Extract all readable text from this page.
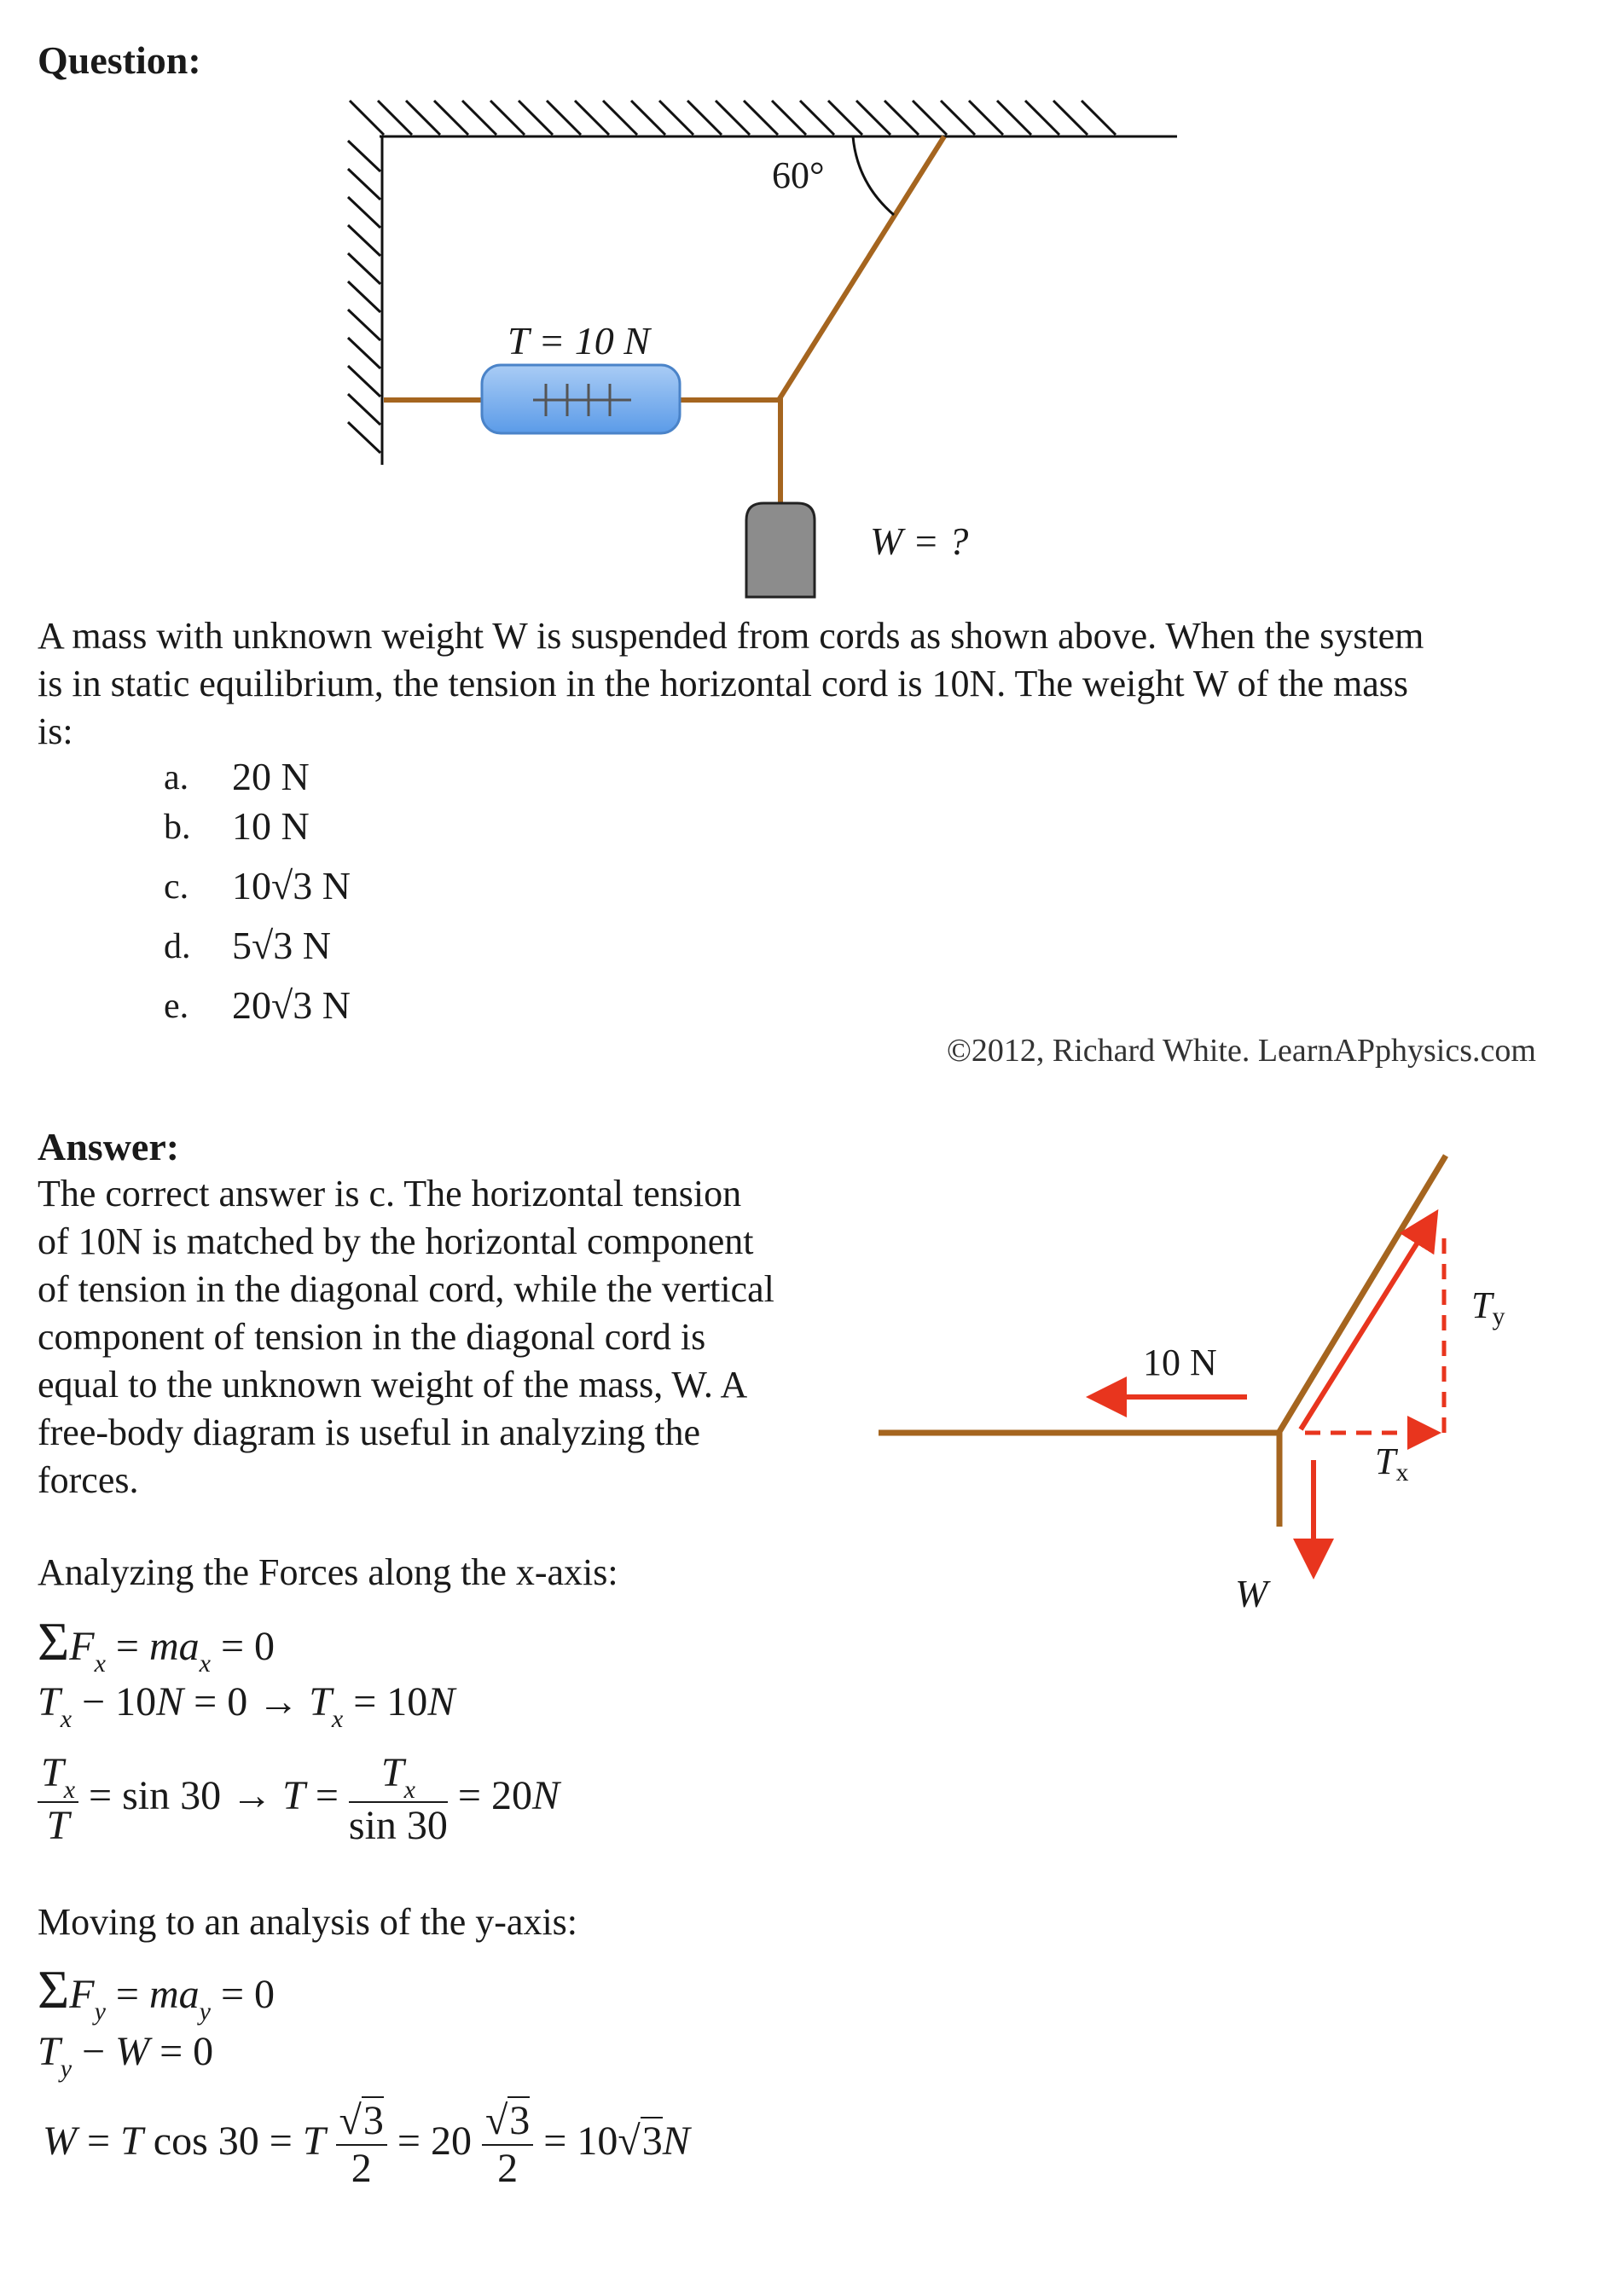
Question:
60°
T = 10 N
W = ?
A mass with unknown weight W is suspended from cords as shown above. When the system
is in static equilibrium, the tension in the horizontal cord is 10N. The weight W of the mass
is:
a. 20 N
b. 10 N
c. 10√3 N
d. 5√3 N
e. 20√3 N
©2012, Richard White. LearnAPphysics.com
Answer:
The correct answer is c. The horizontal tension
of 10N is matched by the horizontal component
of tension in the diagonal cord, while the vertical
component of tension in the diagonal cord is
equal to the unknown weight of the mass, W. A
free-body diagram is useful in analyzing the
forces.
10 N
Ty
Tx
W
Analyzing the Forces along the x-axis:
$\Sigma F_x = ma_x = 0$
$T_x - 10N = 0 \to T_x = 10N$
$\frac{T_x}{T} = \sin 30 \to T = \frac{T_x}{\sin 30} = 20N$
Moving to an analysis of the y-axis:
$\Sigma F_y = ma_y = 0$
$T_y - W = 0$
W = T cos 30 = T $\frac{√3}{2} = 20 \frac{√3}{2} = 10√3N$
